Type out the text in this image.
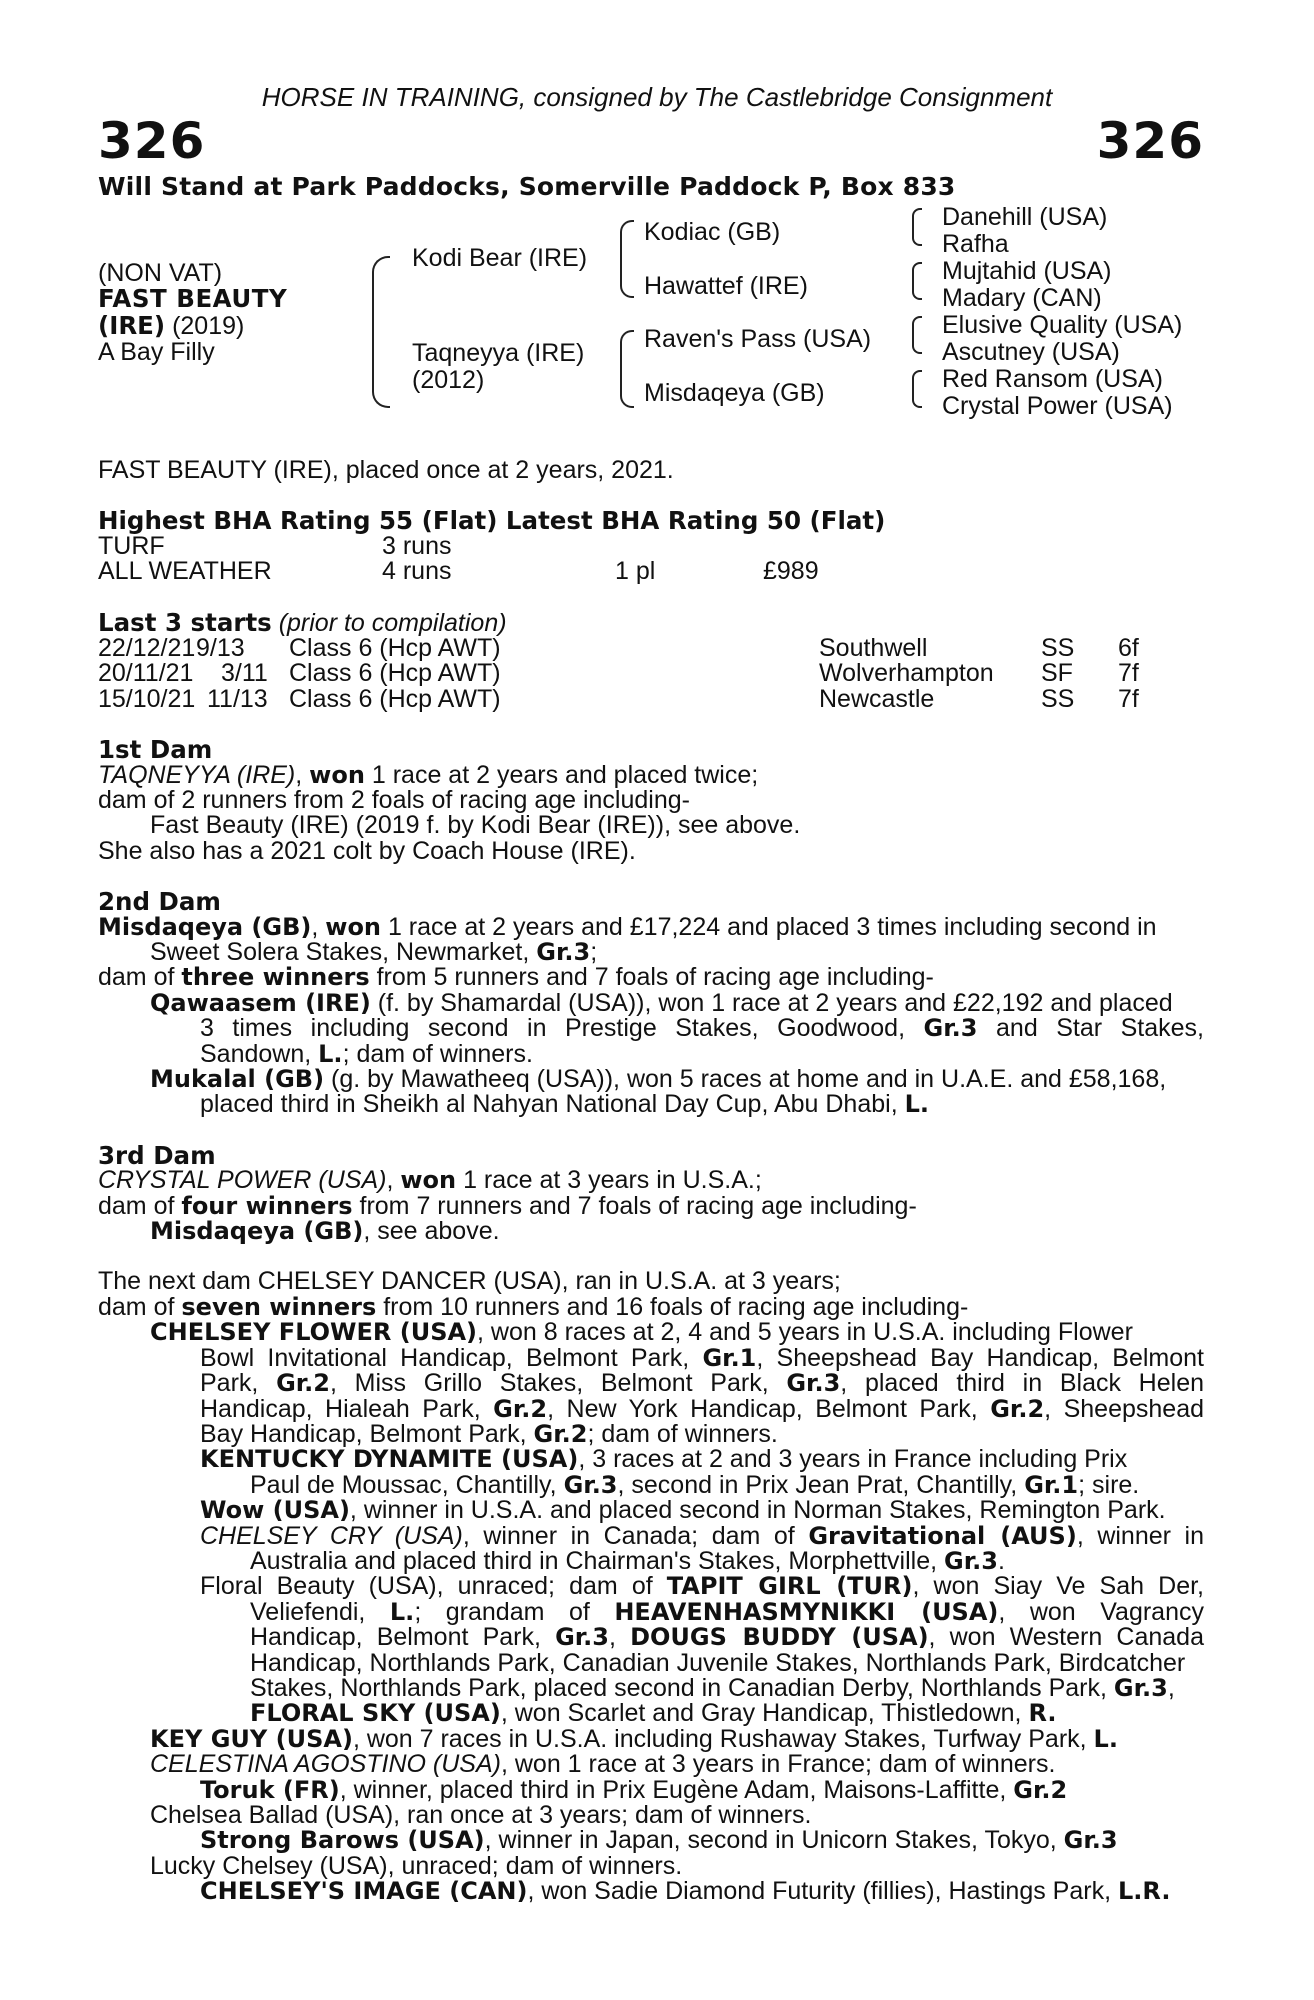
HORSE IN TRAINING, consigned by The Castlebridge Consignment
326	326
Will Stand at Park Paddocks, Somerville Paddock P, Box 833
(NON VAT)
FAST BEAUTY
(IRE) (2019)
A Bay Filly
Kodi Bear (IRE)
Taqneyya (IRE)
(2012)
Kodiac (GB)
Hawattef (IRE)
Raven's Pass (USA)
Misdaqeya (GB)
Danehill (USA)
Rafha
Mujtahid (USA)
Madary (CAN)
Elusive Quality (USA)
Ascutney (USA)
Red Ransom (USA)
Crystal Power (USA)
FAST BEAUTY (IRE), placed once at 2 years, 2021.
Highest BHA Rating 55 (Flat) Latest BHA Rating 50 (Flat)
TURF	3 runs
ALL WEATHER	4 runs	1 pl	£989
Last 3 starts (prior to compilation)
22/12/21 9/13 Class 6 (Hcp AWT)	Southwell	SS 6f
20/11/21 3/11 Class 6 (Hcp AWT)	Wolverhampton SF 7f
15/10/21 11/13 Class 6 (Hcp AWT)	Newcastle	SS 7f
1st Dam
TAQNEYYA (IRE), won 1 race at 2 years and placed twice;
dam of 2 runners from 2 foals of racing age including-
Fast Beauty (IRE) (2019 f. by Kodi Bear (IRE)), see above.
She also has a 2021 colt by Coach House (IRE).
2nd Dam
Misdaqeya (GB), won 1 race at 2 years and £17,224 and placed 3 times including second in
Sweet Solera Stakes, Newmarket, Gr.3;
dam of three winners from 5 runners and 7 foals of racing age including-
Qawaasem (IRE) (f. by Shamardal (USA)), won 1 race at 2 years and £22,192 and placed
3 times including second in Prestige Stakes, Goodwood, Gr.3 and Star Stakes,
Sandown, L.; dam of winners.
Mukalal (GB) (g. by Mawatheeq (USA)), won 5 races at home and in U.A.E. and £58,168,
placed third in Sheikh al Nahyan National Day Cup, Abu Dhabi, L.
3rd Dam
CRYSTAL POWER (USA), won 1 race at 3 years in U.S.A.;
dam of four winners from 7 runners and 7 foals of racing age including-
Misdaqeya (GB), see above.
The next dam CHELSEY DANCER (USA), ran in U.S.A. at 3 years;
dam of seven winners from 10 runners and 16 foals of racing age including-
CHELSEY FLOWER (USA), won 8 races at 2, 4 and 5 years in U.S.A. including Flower
Bowl Invitational Handicap, Belmont Park, Gr.1, Sheepshead Bay Handicap, Belmont
Park, Gr.2, Miss Grillo Stakes, Belmont Park, Gr.3, placed third in Black Helen
Handicap, Hialeah Park, Gr.2, New York Handicap, Belmont Park, Gr.2, Sheepshead
Bay Handicap, Belmont Park, Gr.2; dam of winners.
KENTUCKY DYNAMITE (USA), 3 races at 2 and 3 years in France including Prix
Paul de Moussac, Chantilly, Gr.3, second in Prix Jean Prat, Chantilly, Gr.1; sire.
Wow (USA), winner in U.S.A. and placed second in Norman Stakes, Remington Park.
CHELSEY CRY (USA), winner in Canada; dam of Gravitational (AUS), winner in
Australia and placed third in Chairman's Stakes, Morphettville, Gr.3.
Floral Beauty (USA), unraced; dam of TAPIT GIRL (TUR), won Siay Ve Sah Der,
Veliefendi, L.; grandam of HEAVENHASMYNIKKI (USA), won Vagrancy
Handicap, Belmont Park, Gr.3, DOUGS BUDDY (USA), won Western Canada
Handicap, Northlands Park, Canadian Juvenile Stakes, Northlands Park, Birdcatcher
Stakes, Northlands Park, placed second in Canadian Derby, Northlands Park, Gr.3,
FLORAL SKY (USA), won Scarlet and Gray Handicap, Thistledown, R.
KEY GUY (USA), won 7 races in U.S.A. including Rushaway Stakes, Turfway Park, L.
CELESTINA AGOSTINO (USA), won 1 race at 3 years in France; dam of winners.
Toruk (FR), winner, placed third in Prix Eugène Adam, Maisons-Laffitte, Gr.2
Chelsea Ballad (USA), ran once at 3 years; dam of winners.
Strong Barows (USA), winner in Japan, second in Unicorn Stakes, Tokyo, Gr.3
Lucky Chelsey (USA), unraced; dam of winners.
CHELSEY'S IMAGE (CAN), won Sadie Diamond Futurity (fillies), Hastings Park, L.R.
